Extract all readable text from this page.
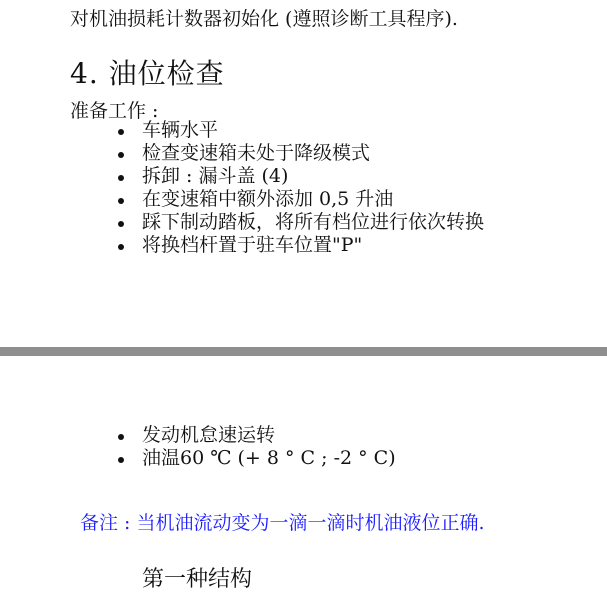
对机油损耗计数器初始化 (遵照诊断工具程序).
4. 油位检查
准备工作 :
车辆水平
检查变速箱未处于降级模式
拆卸 : 漏斗盖 (4)
在变速箱中额外添加 0,5 升油
踩下制动踏板，将所有档位进行依次转换
将换档杆置于驻车位置"P"
发动机怠速运转
油温60 ℃ (+ 8 ° C ; -2 ° C)
备注 : 当机油流动变为一滴一滴时机油液位正确.
第一种结构
